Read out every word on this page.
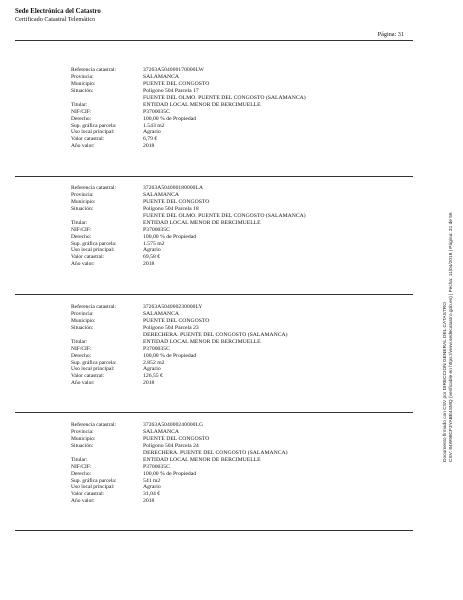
Sede Electrónica del Catastro
Certificado Catastral Telemático
Página: 31
Referencia catastral:	37263A504000170000LW
Provincia:	SALAMANCA
Municipio:	PUENTE DEL CONGOSTO
Situación:	Polígono 504 Parcela 17
FUENTE DEL OLMO. PUENTE DEL CONGOSTO (SALAMANCA)
Titular:	ENTIDAD LOCAL MENOR DE BERCIMUELLE
NIF/CIF:	P3700035C
Derecho:	100,00 % de Propiedad
Sup. gráfica parcela:	1.543 m2
Uso local principal:	Agrario
Valor catastral:	6,79 €
Año valor:	2018
Referencia catastral:	37263A504000180000LA
Provincia:	SALAMANCA
Municipio:	PUENTE DEL CONGOSTO
Situación:	Polígono 504 Parcela 18
FUENTE DEL OLMO. PUENTE DEL CONGOSTO (SALAMANCA)
Titular:	ENTIDAD LOCAL MENOR DE BERCIMUELLE
NIF/CIF:	P3700035C
Derecho:	100,00 % de Propiedad
Sup. gráfica parcela:	1.575 m2
Uso local principal:	Agrario
Valor catastral:	69,58 €
Año valor:	2018
Referencia catastral:	37263A504000230000LY
Provincia:	SALAMANCA
Municipio:	PUENTE DEL CONGOSTO
Situación:	Polígono 504 Parcela 23
DERECHERA. PUENTE DEL CONGOSTO (SALAMANCA)
Titular:	ENTIDAD LOCAL MENOR DE BERCIMUELLE
NIF/CIF:	P3700035C
Derecho:	100,00 % de Propiedad
Sup. gráfica parcela:	2.852 m2
Uso local principal:	Agrario
Valor catastral:	126,55 €
Año valor:	2018
Referencia catastral:	37263A504000240000LG
Provincia:	SALAMANCA
Municipio:	PUENTE DEL CONGOSTO
Situación:	Polígono 504 Parcela 24
DERECHERA. PUENTE DEL CONGOSTO (SALAMANCA)
Titular:	ENTIDAD LOCAL MENOR DE BERCIMUELLE
NIF/CIF:	P3700035C
Derecho:	100,00 % de Propiedad
Sup. gráfica parcela:	541 m2
Uso local principal:	Agrario
Valor catastral:	31,04 €
Año valor:	2018
Documento firmado con CSV por DIRECCION GENERAL DEL CATASTRO CSV: 84W98CF3YABE4SMQ (verificable en https://www.sedecatastro.gob.es) | Fecha: 11/04/2018 | Página: 31 de 55
